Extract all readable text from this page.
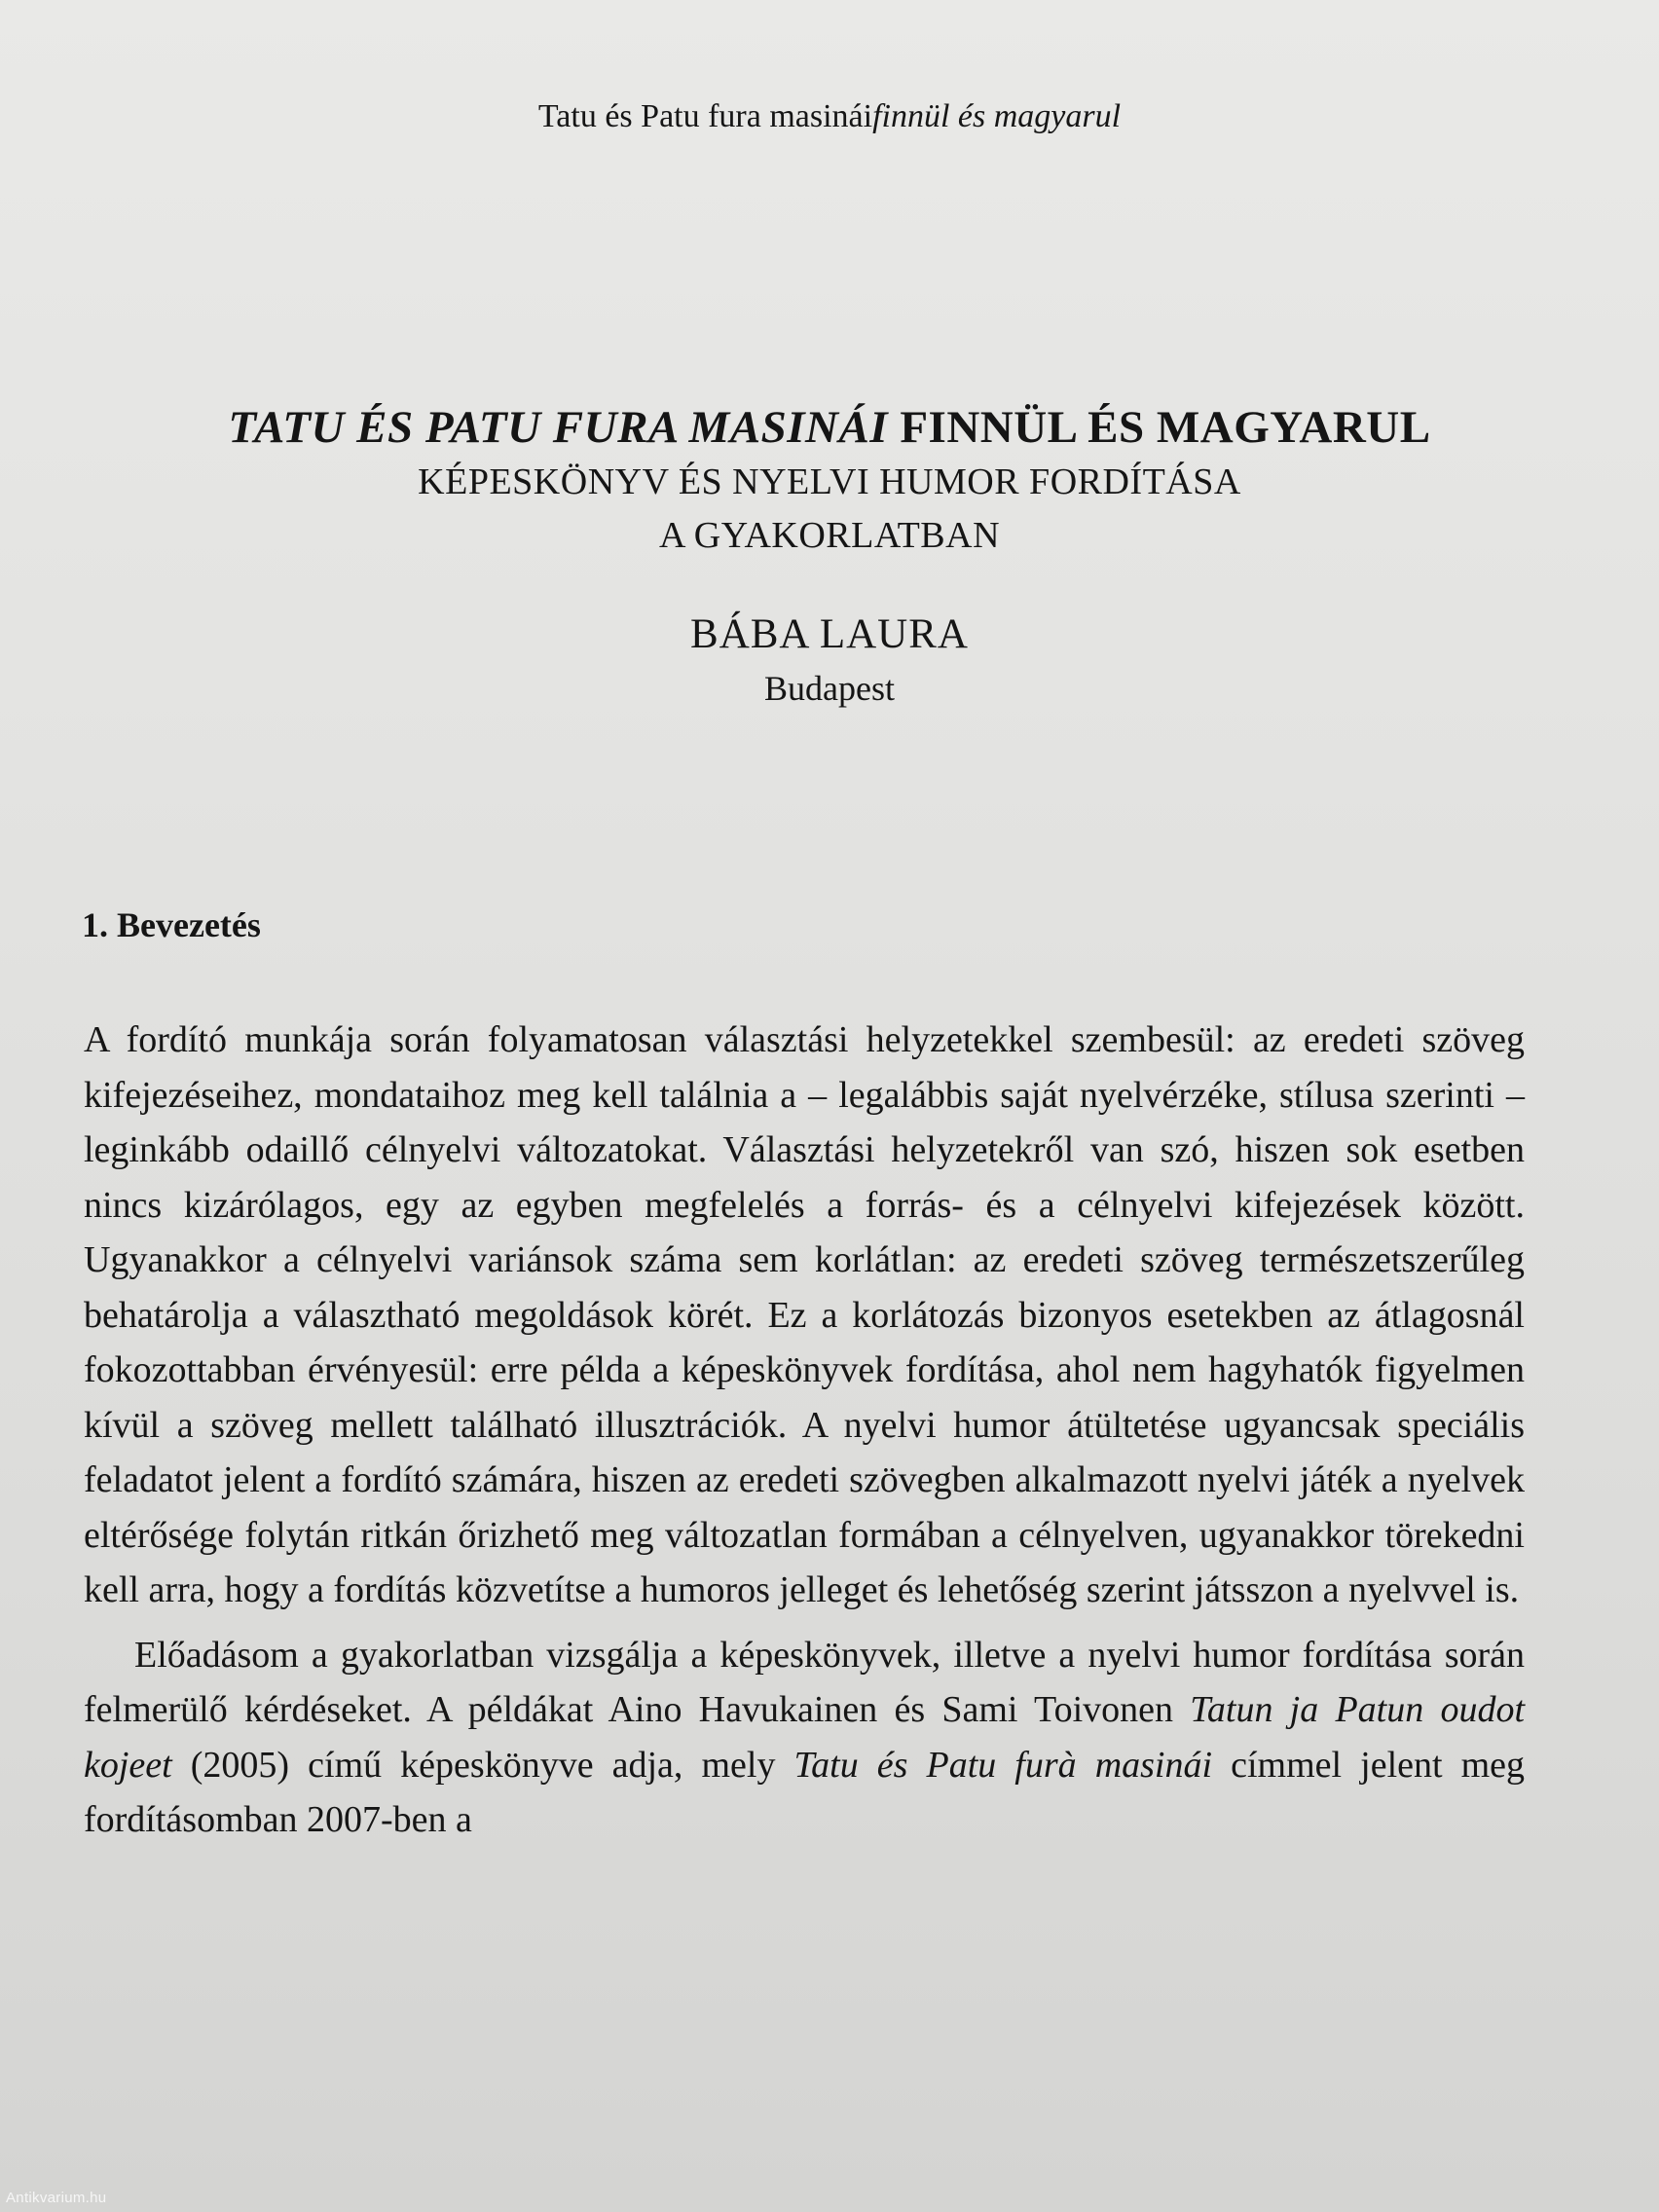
Tatu és Patu fura masináifinnül és magyarul
TATU ÉS PATU FURA MASINÁI FINNÜL ÉS MAGYARUL
KÉPESKÖNYV ÉS NYELVI HUMOR FORDÍTÁSA
A GYAKORLATBAN
BÁBA LAURA
Budapest
1. Bevezetés

A fordító munkája során folyamatosan választási helyzetekkel szembesül: az eredeti szöveg kifejezéseihez, mondataihoz meg kell találnia a – legalábbis saját nyelvérzéke, stílusa szerinti – leginkább odaillő célnyelvi változatokat. Választási helyzetekről van szó, hiszen sok esetben nincs kizárólagos, egy az egyben megfelelés a forrás- és a célnyelvi kifejezések között. Ugyanakkor a célnyelvi variánsok száma sem korlátlan: az eredeti szöveg természetszerűleg behatárolja a választható megoldások körét. Ez a korlátozás bizonyos esetekben az átlagosnál fokozottabban érvényesül: erre példa a képeskönyvek fordítása, ahol nem hagyhatók figyelmen kívül a szöveg mellett található illusztrációk. A nyelvi humor átültetése ugyancsak speciális feladatot jelent a fordító számára, hiszen az eredeti szövegben alkalmazott nyelvi játék a nyelvek eltérősége folytán ritkán őrizhető meg változatlan formában a célnyelven, ugyanakkor törekedni kell arra, hogy a fordítás közvetítse a humoros jelleget és lehetőség szerint játsszon a nyelvvel is.

Előadásom a gyakorlatban vizsgálja a képeskönyvek, illetve a nyelvi humor fordítása során felmerülő kérdéseket. A példákat Aino Havukainen és Sami Toivonen Tatun ja Patun oudot kojeet (2005) című képeskönyve adja, mely Tatu és Patu furà masinái címmel jelent meg fordításomban 2007-ben a

Antikvarium.hu
